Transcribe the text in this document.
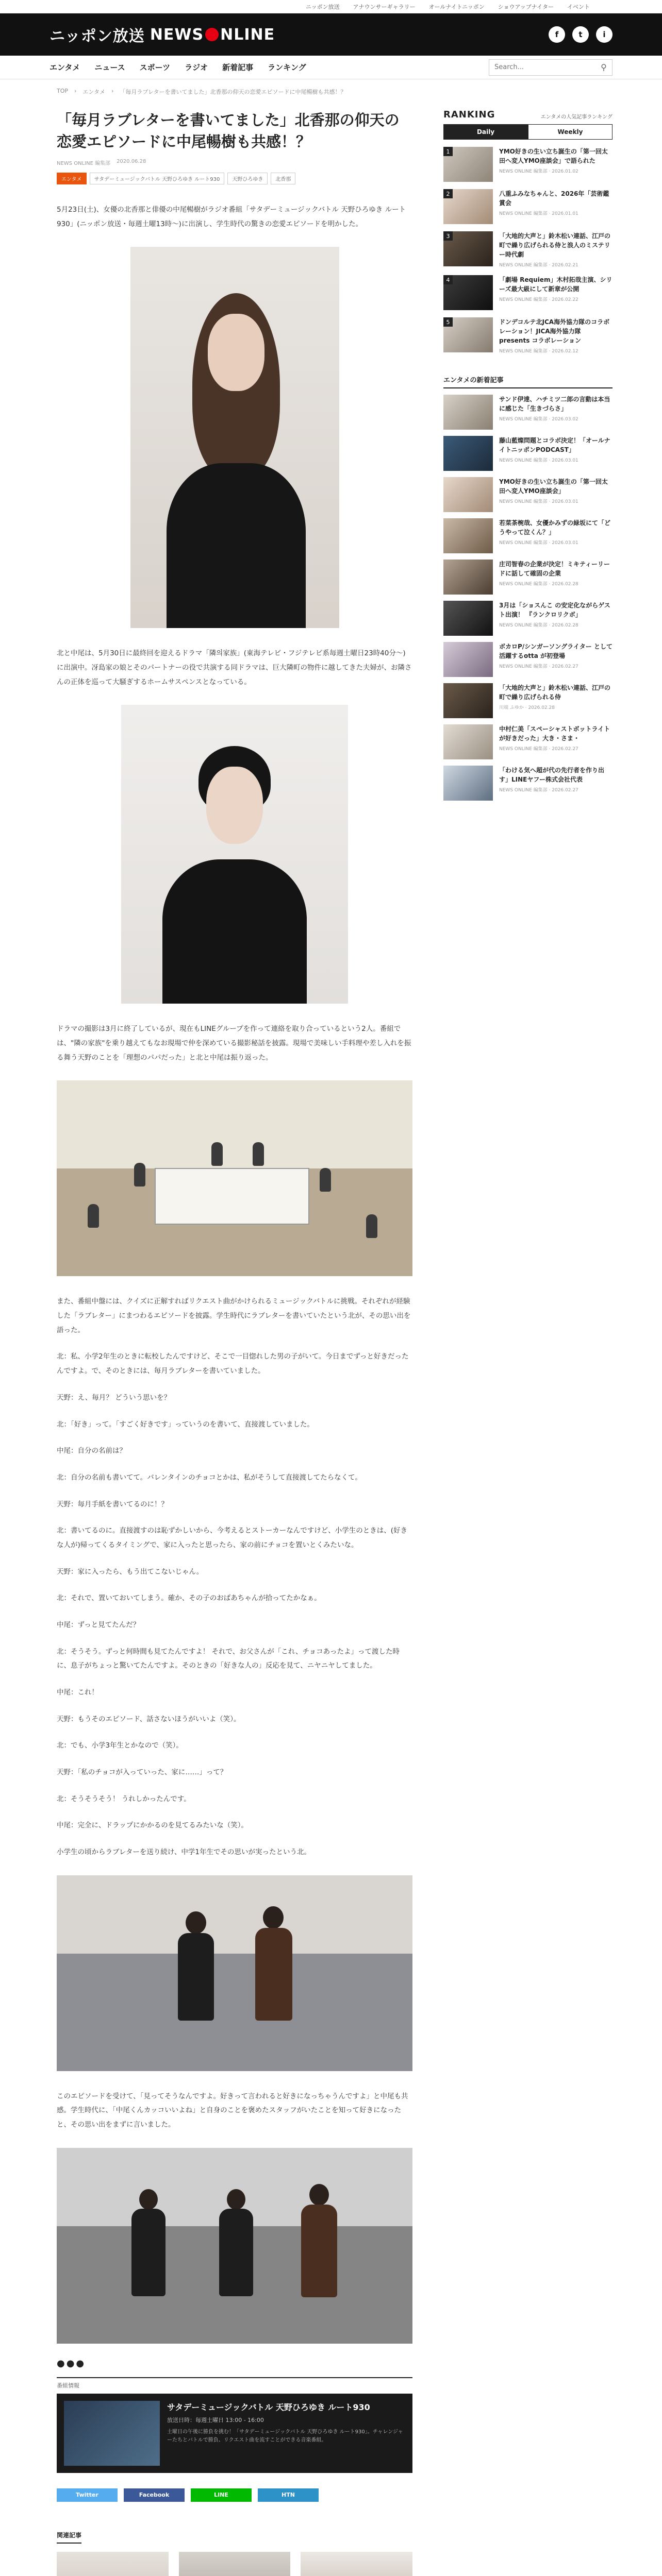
ニッポン放送 アナウンサーギャラリー オールナイトニッポン ショウアップナイター イベント
ニッポン放送 NEWS NLINE	f	t	i
エンタメ ニュース スポーツ ラジオ 新着記事 ランキング
Search...	⚲
TOP › エンタメ › 「毎月ラブレターを書いてました」北香那の仰天の恋愛エピソードに中尾暢樹も共感！？
「毎月ラブレターを書いてました」北香那の仰天の恋愛エピソードに中尾暢樹も共感！？
NEWS ONLINE 編集部 2020.06.28
エンタメ	サタデーミュージックバトル 天野ひろゆき ルート930	天野ひろゆき	北香那

5月23日(土)、女優の北香那と俳優の中尾暢樹がラジオ番組「サタデーミュージックバトル 天野ひろゆき ルート930」(ニッポン放送・毎週土曜13時～)に出演し、学生時代の驚きの恋愛エピソードを明かした。

北と中尾は、5月30日に最終回を迎えるドラマ「隣의家族」(東海テレビ・フジテレビ系毎週土曜日23時40分～)に出演中。冴島家の娘とそのパートナーの役で共演する同ドラマは、巨大隣町の物件に越してきた夫婦が、お隣さんの正体を巡って大騒ぎするホームサスペンスとなっている。

ドラマの撮影は3月に終了しているが、現在もLINEグループを作って連絡を取り合っているという2人。番組では、"隣の家族"を乗り越えてもなお現場で仲を深めている撮影秘話を披露。現場で美味しい手料理や差し入れを振る舞う天野のことを「理想のパパだった」と北と中尾は振り返った。

また、番組中盤には、クイズに正解すればリクエスト曲がかけられるミュージックバトルに挑戦。それぞれが経験した「ラブレター」にまつわるエピソードを披露。学生時代にラブレターを書いていたという北が、その思い出を語った。

北：私、小学2年生のときに転校したんですけど、そこで一目惚れした男の子がいて。今日までずっと好きだったんですよ。で、そのときには、毎月ラブレターを書いていました。

天野：え、毎月？ どういう思いを？

北：「好き」って。「すごく好きです」っていうのを書いて、直接渡していました。

中尾：自分の名前は？

北：自分の名前も書いてて。バレンタインのチョコとかは、私がそうして直接渡してたらなくて。

天野：毎月手紙を書いてるのに！？

北：書いてるのに。直接渡すのは恥ずかしいから、今考えるとストーカーなんですけど、小学生のときは、(好きな人が)帰ってくるタイミングで、家に入ったと思ったら、家の前にチョコを置いとくみたいな。

天野：家に入ったら、もう出てこないじゃん。

北：それで、置いておいてしまう。確か、その子のおばあちゃんが拾ってたかなぁ。

中尾：ずっと見てたんだ？

北：そうそう。ずっと何時間も見てたんですよ！ それで、お父さんが「これ、チョコあったよ」って渡した時に、息子がちょっと驚いてたんですよ。そのときの「好きな人の」反応を見て、ニヤニヤしてました。

中尾：これ！

天野：もうそのエピソード、話さないほうがいいよ（笑）。

北：でも、小学3年生とかなので（笑）。

天野：「私のチョコが入っていった、家に……」って？

北：そうそうそう！ うれしかったんです。

中尾：完全に、ドラップにかかるのを見てるみたいな（笑）。

小学生の頃からラブレターを送り続け、中学1年生でその思いが実ったという北。

このエピソードを受けて、「見ってそうなんですよ。好きって言われると好きになっちゃうんですよ」と中尾も共感。学生時代に、「中尾くんカッコいいよね」と自身のことを褒めたスタッフがいたことを知って好きになったと、その思い出をまずに言いました。

●●●
番組情報
サタデーミュージックバトル 天野ひろゆき ルート930
放送日時：毎週土曜日 13:00 - 16:00
土曜日の午後に勝負を挑む！「サタデーミュージックバトル 天野ひろゆき ルート930」。チャレンジャーたちとバトルで勝負、リクエスト曲を流すことができる音楽番組。
Twitter	Facebook	LINE	HTN
関連記事
RANKING	エンタメの人気記事ランキング
Daily	Weekly
1	YMO好きの生い立ち誕生の「第一回太田へ変人YMO座談会」で語られた
NEWS ONLINE 編集部 · 2026.01.02
2	八重ふみなちゃんと、2026年「芸術鑑賞会
NEWS ONLINE 編集部 · 2026.01.01
3	「大地的大声と」鈴木松い連話、江戸の町で繰り広げられる侍と浪人のミステリー時代劇
NEWS ONLINE 編集部 · 2026.02.21
4	「劇場 Requiem」木村拓哉主演、シリーズ最大級にして新章が公開
NEWS ONLINE 編集部 · 2026.02.22
5	ドンデコルテ北JCA海外協力隊のコラボレーション！JICA海外協力隊 presents コラボレーション
NEWS ONLINE 編集部 · 2026.02.12
エンタメの新着記事
サンド伊達、ハチミツ二郎の言動は本当に感じた「生きづらさ」
NEWS ONLINE 編集部 · 2026.03.02
藤山藍燦問題とコラボ決定！「オールナイトニッポンPODCAST」
NEWS ONLINE 編集部 · 2026.03.01
YMO好きの生い立ち誕生の「第一回太田へ変人YMO座談会」
NEWS ONLINE 編集部 · 2026.03.01
若菜茶椀哉、女優かみずの緑坂にて「どうやって泣くん？」
NEWS ONLINE 編集部 · 2026.03.01
庄司智春の企業が決定！ミキティーリードに話して確固の企業
NEWS ONLINE 編集部 · 2026.02.28
3月は「ショスんこ の安定化ながらゲスト出演！ 『ランクロリクボ」
NEWS ONLINE 編集部 · 2026.02.28
ボカロP/シンガーソングライター として活躍するotta が初登場
NEWS ONLINE 編集部 · 2026.02.27
「大地的大声と」鈴木松い連話、江戸の町で繰り広げられる侍
川端 ふゆか · 2026.02.28
中村仁美「スペーシャストボットライトが好きだった」大き・さま・
NEWS ONLINE 編集部 · 2026.02.27
「わける気へ超が代の先行者を作り出す」LINEヤフー株式会社代表
NEWS ONLINE 編集部 · 2026.02.27
